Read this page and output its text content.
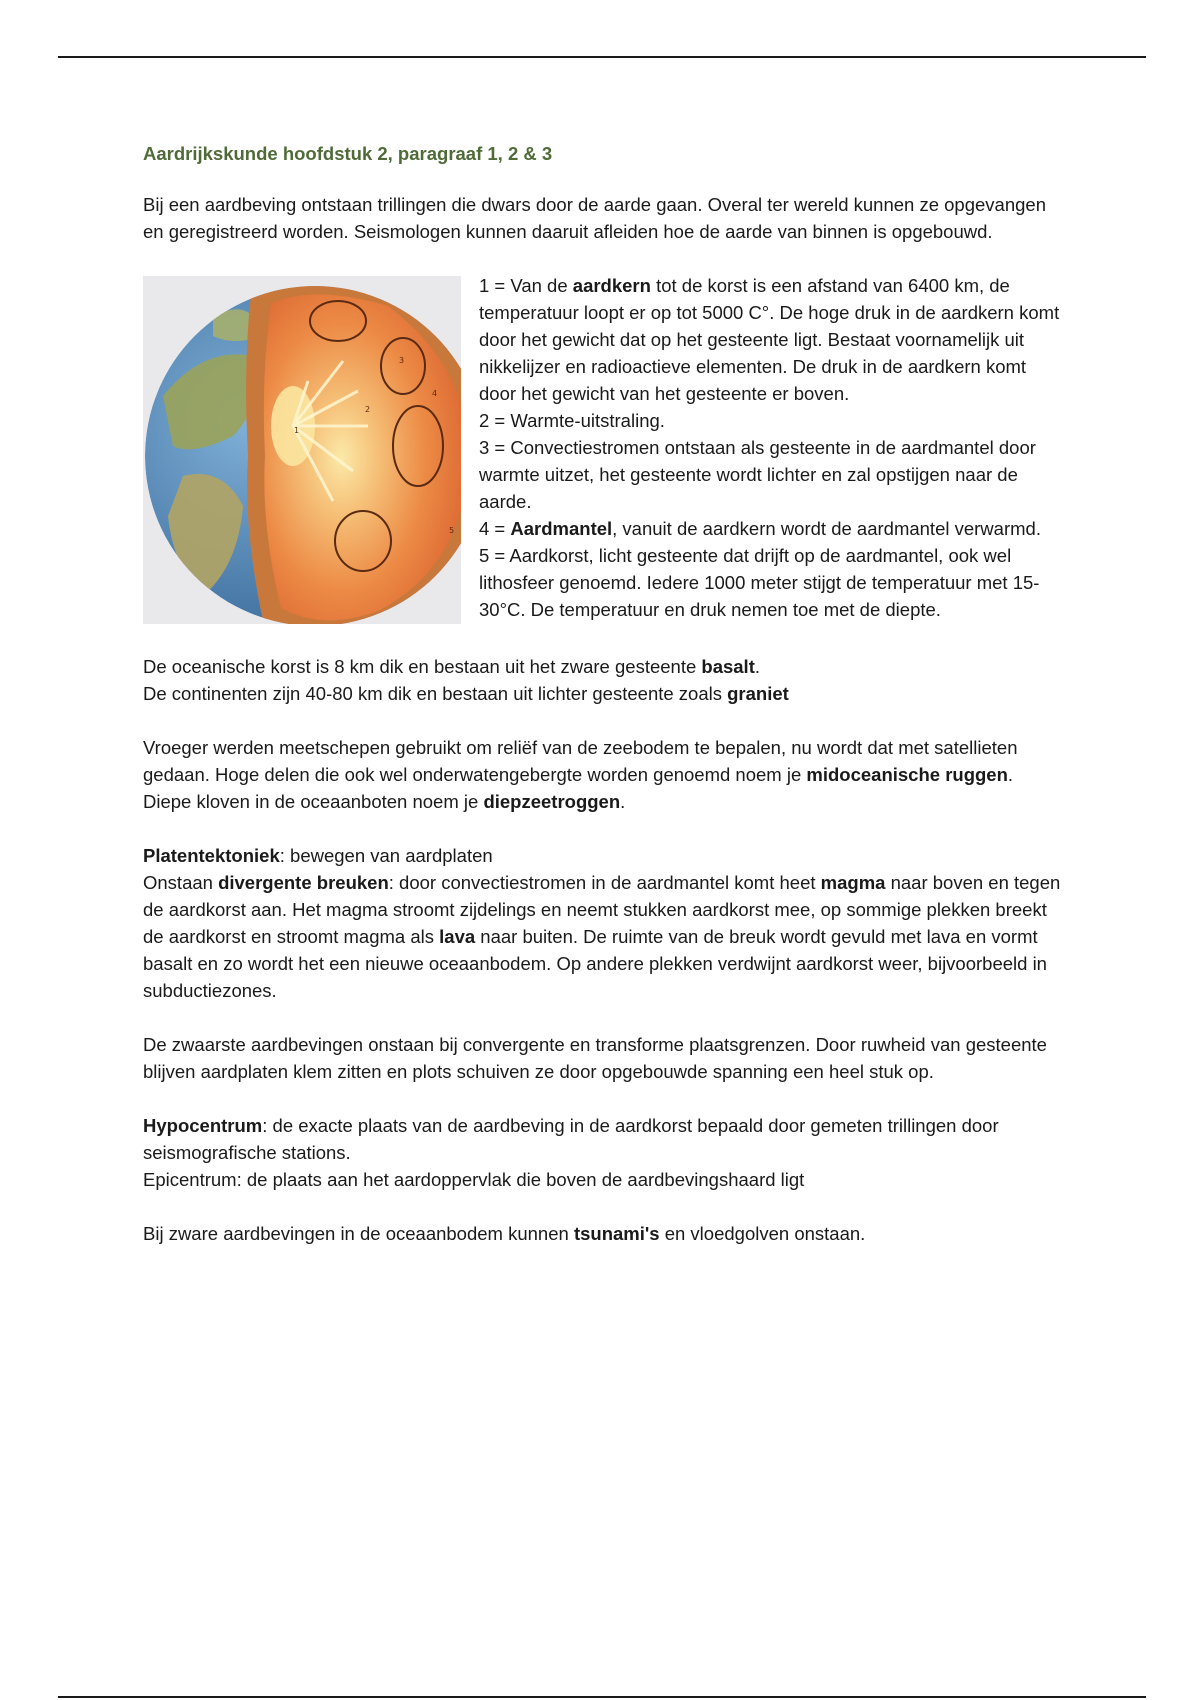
Aardrijkskunde hoofdstuk 2, paragraaf 1, 2 & 3

Bij een aardbeving ontstaan trillingen die dwars door de aarde gaan. Overal ter wereld kunnen ze opgevangen en geregistreerd worden. Seismologen kunnen daaruit afleiden hoe de aarde van binnen is opgebouwd.

1
2
3
4
5
1 = Van de aardkern tot de korst is een afstand van 6400 km, de temperatuur loopt er op tot 5000 C°. De hoge druk in de aardkern komt door het gewicht dat op het gesteente ligt. Bestaat voornamelijk uit nikkelijzer en radioactieve elementen. De druk in de aardkern komt door het gewicht van het gesteente er boven.
2 = Warmte-uitstraling.
3 = Convectiestromen ontstaan als gesteente in de aardmantel door warmte uitzet, het gesteente wordt lichter en zal opstijgen naar de aarde.
4 = Aardmantel, vanuit de aardkern wordt de aardmantel verwarmd.
5 = Aardkorst, licht gesteente dat drijft op de aardmantel, ook wel lithosfeer genoemd. Iedere 1000 meter stijgt de temperatuur met 15-30°C. De temperatuur en druk nemen toe met de diepte.

De oceanische korst is 8 km dik en bestaan uit het zware gesteente basalt.
De continenten zijn 40-80 km dik en bestaan uit lichter gesteente zoals graniet

Vroeger werden meetschepen gebruikt om reliëf van de zeebodem te bepalen, nu wordt dat met satellieten gedaan. Hoge delen die ook wel onderwatengebergte worden genoemd noem je midoceanische ruggen. Diepe kloven in de oceaanboten noem je diepzeetroggen.

Platentektoniek: bewegen van aardplaten
Onstaan divergente breuken: door convectiestromen in de aardmantel komt heet magma naar boven en tegen de aardkorst aan. Het magma stroomt zijdelings en neemt stukken aardkorst mee, op sommige plekken breekt de aardkorst en stroomt magma als lava naar buiten. De ruimte van de breuk wordt gevuld met lava en vormt basalt en zo wordt het een nieuwe oceaanbodem. Op andere plekken verdwijnt aardkorst weer, bijvoorbeeld in subductiezones.

De zwaarste aardbevingen onstaan bij convergente en transforme plaatsgrenzen. Door ruwheid van gesteente blijven aardplaten klem zitten en plots schuiven ze door opgebouwde spanning een heel stuk op.

Hypocentrum: de exacte plaats van de aardbeving in de aardkorst bepaald door gemeten trillingen door seismografische stations.
Epicentrum: de plaats aan het aardoppervlak die boven de aardbevingshaard ligt

Bij zware aardbevingen in de oceaanbodem kunnen tsunami's en vloedgolven onstaan.
